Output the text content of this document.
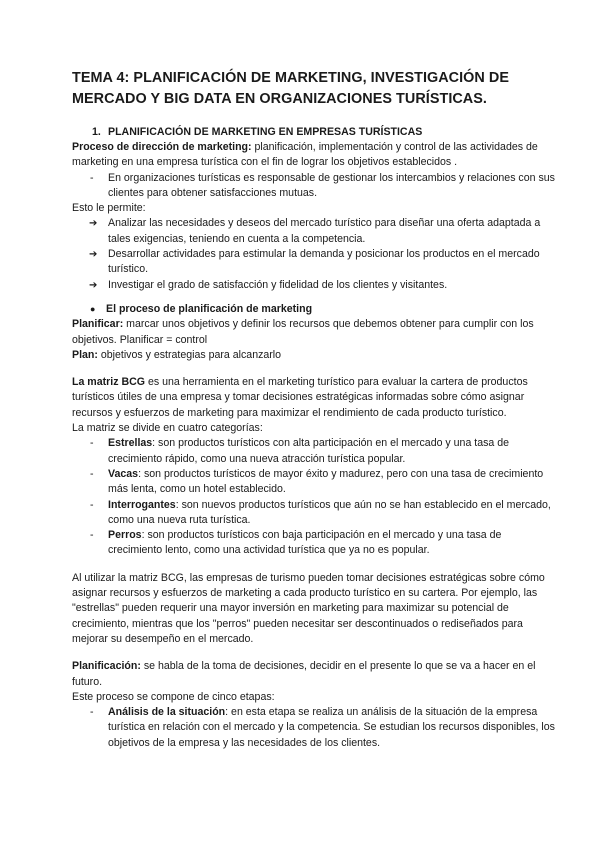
TEMA 4: PLANIFICACIÓN DE MARKETING, INVESTIGACIÓN DE MERCADO Y BIG DATA EN ORGANIZACIONES TURÍSTICAS.
1. PLANIFICACIÓN DE MARKETING EN EMPRESAS TURÍSTICAS

Proceso de dirección de marketing: planificación, implementación y control de las actividades de marketing en una empresa turística con el fin de lograr los objetivos establecidos .

- En organizaciones turísticas es responsable de gestionar los intercambios y relaciones con sus clientes para obtener satisfacciones mutuas.

Esto le permite:

➔ Analizar las necesidades y deseos del mercado turístico para diseñar una oferta adaptada a tales exigencias, teniendo en cuenta a la competencia.
➔ Desarrollar actividades para estimular la demanda y posicionar los productos en el mercado turístico.
➔ Investigar el grado de satisfacción y fidelidad de los clientes y visitantes.
● El proceso de planificación de marketing

Planificar: marcar unos objetivos y definir los recursos que debemos obtener para cumplir con los objetivos. Planificar = control

Plan: objetivos y estrategias para alcanzarlo

La matriz BCG es una herramienta en el marketing turístico para evaluar la cartera de productos turísticos útiles de una empresa y tomar decisiones estratégicas informadas sobre cómo asignar recursos y esfuerzos de marketing para maximizar el rendimiento de cada producto turístico.

La matriz se divide en cuatro categorías:

- Estrellas: son productos turísticos con alta participación en el mercado y una tasa de crecimiento rápido, como una nueva atracción turística popular.
- Vacas: son productos turísticos de mayor éxito y madurez, pero con una tasa de crecimiento más lenta, como un hotel establecido.
- Interrogantes: son nuevos productos turísticos que aún no se han establecido en el mercado, como una nueva ruta turística.
- Perros: son productos turísticos con baja participación en el mercado y una tasa de crecimiento lento, como una actividad turística que ya no es popular.

Al utilizar la matriz BCG, las empresas de turismo pueden tomar decisiones estratégicas sobre cómo asignar recursos y esfuerzos de marketing a cada producto turístico en su cartera. Por ejemplo, las "estrellas" pueden requerir una mayor inversión en marketing para maximizar su potencial de crecimiento, mientras que los "perros" pueden necesitar ser descontinuados o rediseñados para mejorar su desempeño en el mercado.

Planificación: se habla de la toma de decisiones, decidir en el presente lo que se va a hacer en el futuro.

Este proceso se compone de cinco etapas:

- Análisis de la situación: en esta etapa se realiza un análisis de la situación de la empresa turística en relación con el mercado y la competencia. Se estudian los recursos disponibles, los objetivos de la empresa y las necesidades de los clientes.
